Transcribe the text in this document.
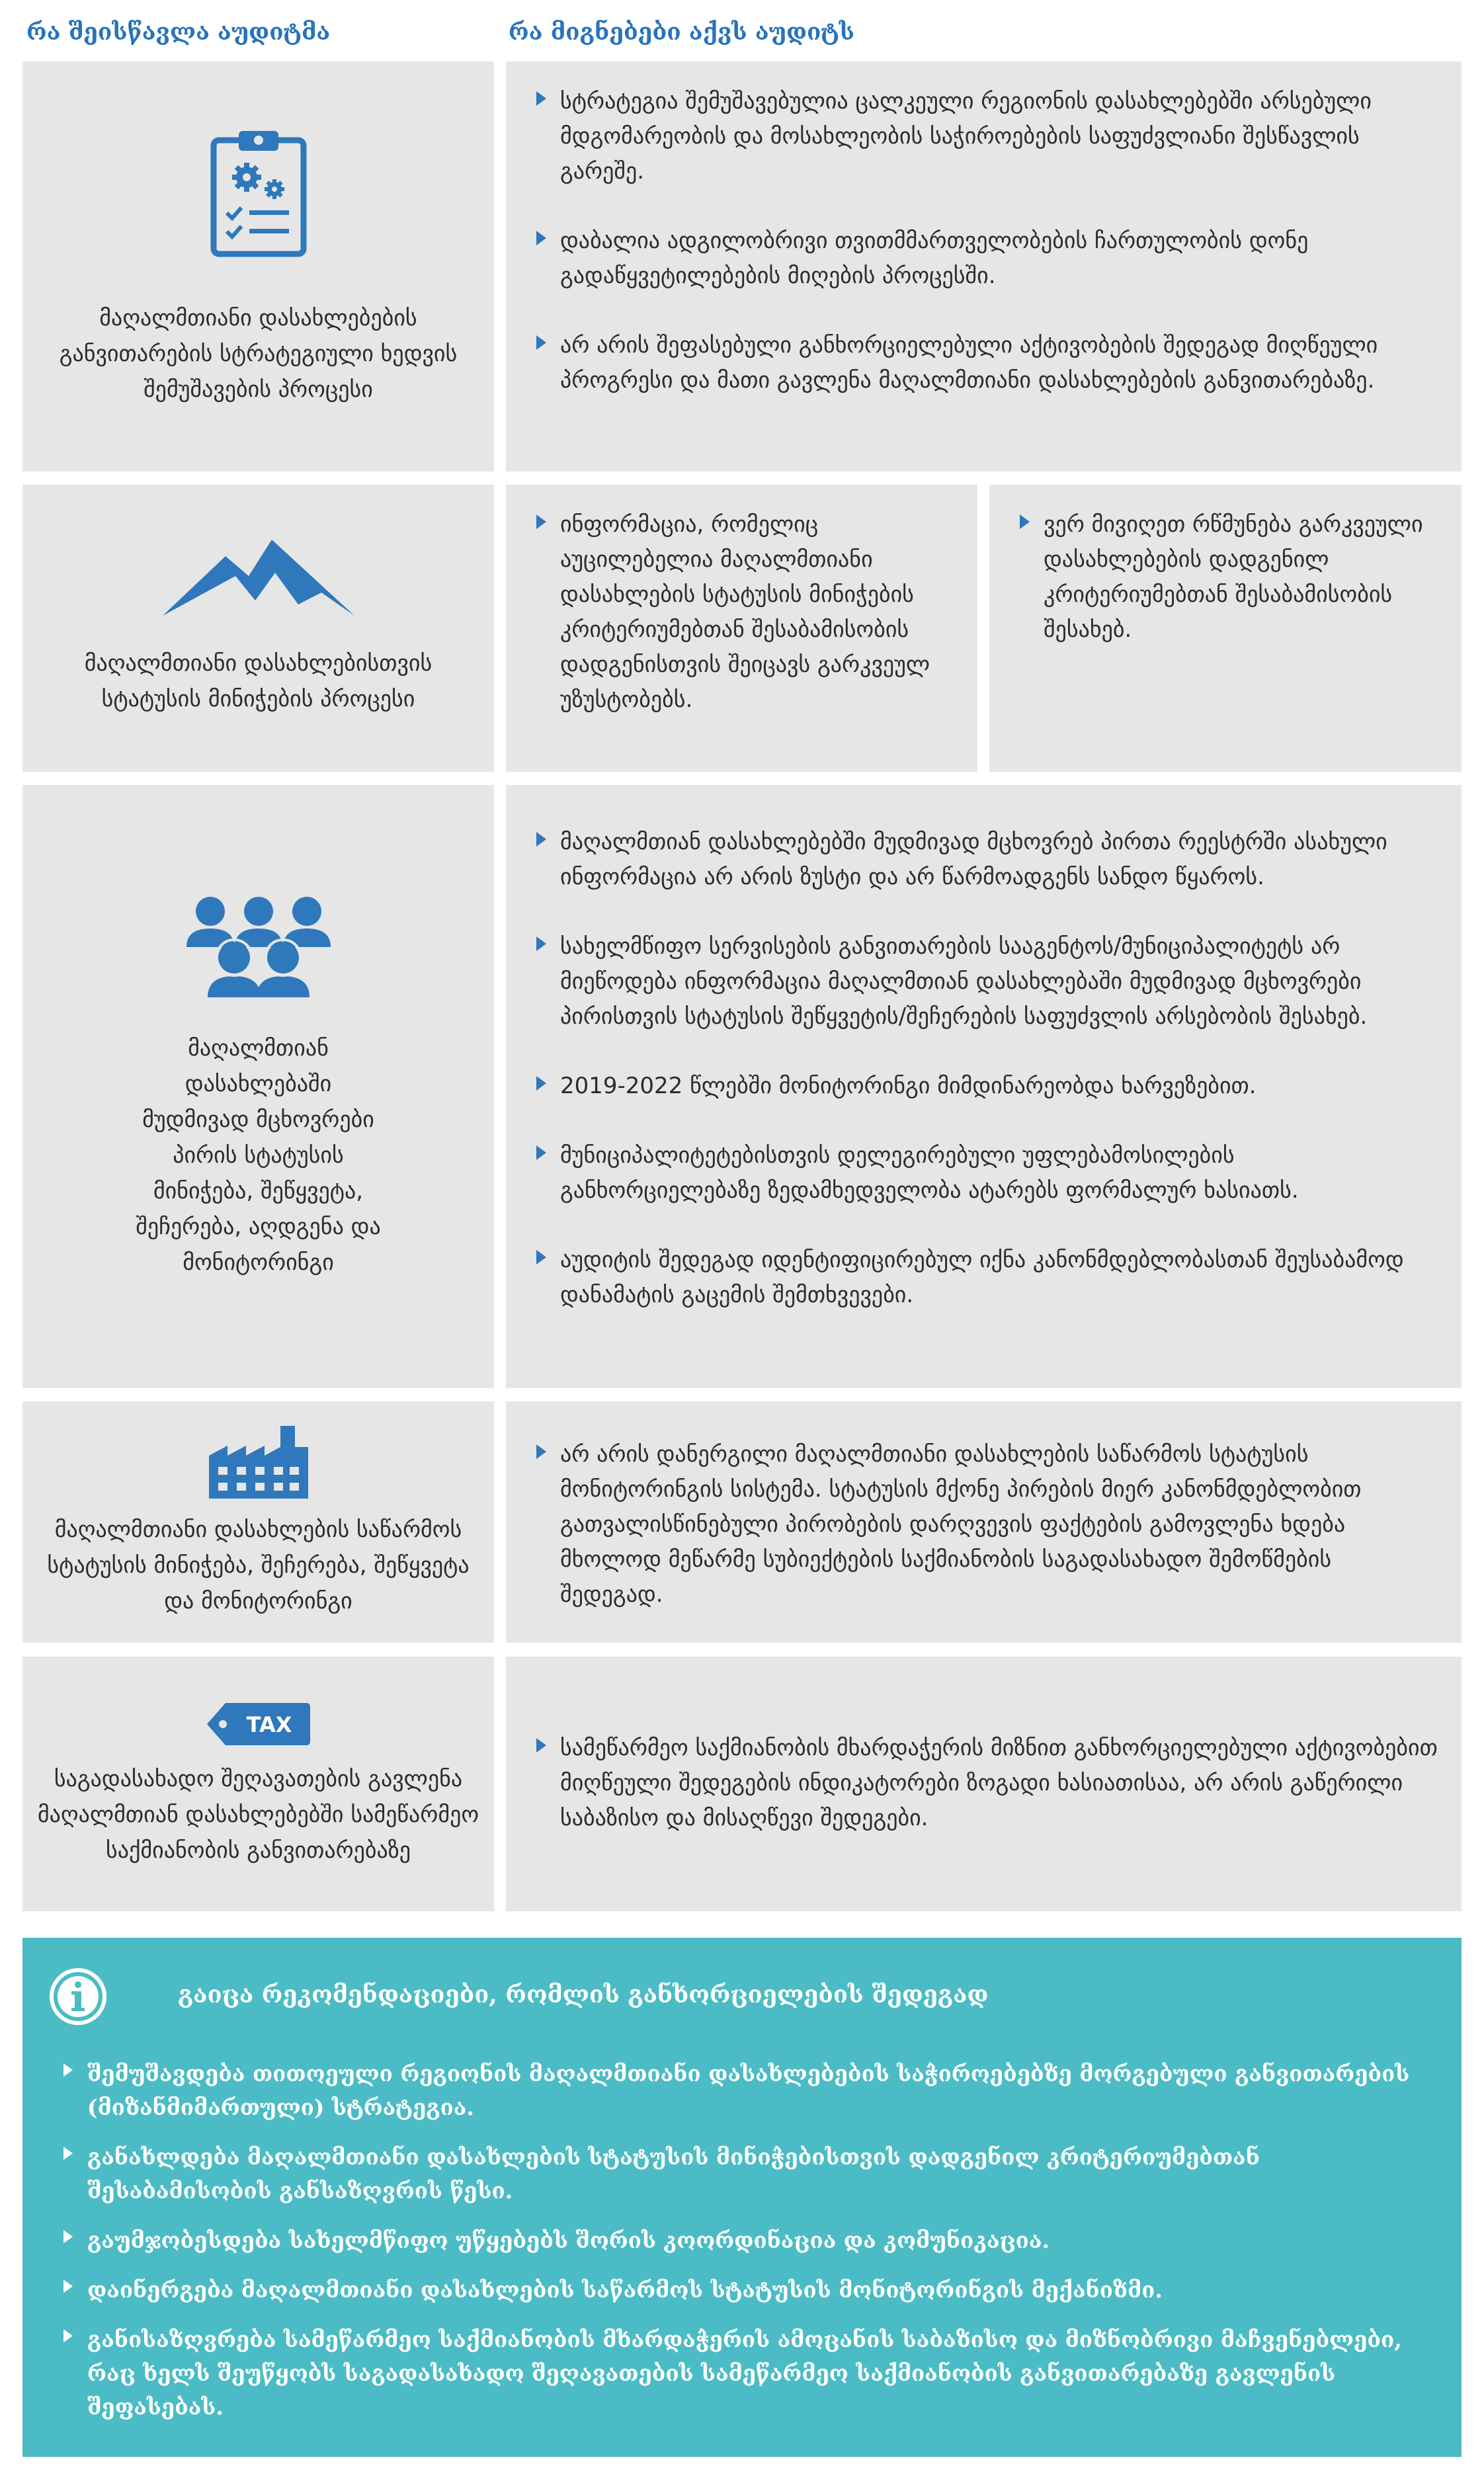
რა შეისწავლა აუდიტმა	რა მიგნებები აქვს აუდიტს
მაღალმთიანი დასახლებების განვითარების სტრატეგიული ხედვის შემუშავების პროცესი
სტრატეგია შემუშავებულია ცალკეული რეგიონის დასახლებებში არსებული მდგომარეობის და მოსახლეობის საჭიროებების საფუძვლიანი შესწავლის გარეშე.
დაბალია ადგილობრივი თვითმმართველობების ჩართულობის დონე გადაწყვეტილებების მიღების პროცესში.
არ არის შეფასებული განხორციელებული აქტივობების შედეგად მიღწეული პროგრესი და მათი გავლენა მაღალმთიანი დასახლებების განვითარებაზე.
მაღალმთიანი დასახლებისთვის სტატუსის მინიჭების პროცესი
ინფორმაცია, რომელიც აუცილებელია მაღალმთიანი დასახლების სტატუსის მინიჭების კრიტერიუმებთან შესაბამისობის დადგენისთვის შეიცავს გარკვეულ უზუსტობებს.
ვერ მივიღეთ რწმუნება გარკვეული დასახლებების დადგენილ კრიტერიუმებთან შესაბამისობის შესახებ.
მაღალმთიან დასახლებაში მუდმივად მცხოვრები პირის სტატუსის მინიჭება, შეწყვეტა, შეჩერება, აღდგენა და მონიტორინგი
მაღალმთიან დასახლებებში მუდმივად მცხოვრებ პირთა რეესტრში ასახული ინფორმაცია არ არის ზუსტი და არ წარმოადგენს სანდო წყაროს.
სახელმწიფო სერვისების განვითარების სააგენტოს/მუნიციპალიტეტს არ მიეწოდება ინფორმაცია მაღალმთიან დასახლებაში მუდმივად მცხოვრები პირისთვის სტატუსის შეწყვეტის/შეჩერების საფუძვლის არსებობის შესახებ.
2019-2022 წლებში მონიტორინგი მიმდინარეობდა ხარვეზებით.
მუნიციპალიტეტებისთვის დელეგირებული უფლებამოსილების განხორციელებაზე ზედამხედველობა ატარებს ფორმალურ ხასიათს.
აუდიტის შედეგად იდენტიფიცირებულ იქნა კანონმდებლობასთან შეუსაბამოდ დანამატის გაცემის შემთხვევები.
მაღალმთიანი დასახლების საწარმოს სტატუსის მინიჭება, შეჩერება, შეწყვეტა და მონიტორინგი
არ არის დანერგილი მაღალმთიანი დასახლების საწარმოს სტატუსის მონიტორინგის სისტემა. სტატუსის მქონე პირების მიერ კანონმდებლობით გათვალისწინებული პირობების დარღვევის ფაქტების გამოვლენა ხდება მხოლოდ მეწარმე სუბიექტების საქმიანობის საგადასახადო შემოწმების შედეგად.
TAX
საგადასახადო შეღავათების გავლენა მაღალმთიან დასახლებებში სამეწარმეო საქმიანობის განვითარებაზე
სამეწარმეო საქმიანობის მხარდაჭერის მიზნით განხორციელებული აქტივობებით მიღწეული შედეგების ინდიკატორები ზოგადი ხასიათისაა, არ არის გაწერილი საბაზისო და მისაღწევი შედეგები.
გაიცა რეკომენდაციები, რომლის განხორციელების შედეგად
შემუშავდება თითოეული რეგიონის მაღალმთიანი დასახლებების საჭიროებებზე მორგებული განვითარების (მიზანმიმართული) სტრატეგია.
განახლდება მაღალმთიანი დასახლების სტატუსის მინიჭებისთვის დადგენილ კრიტერიუმებთან შესაბამისობის განსაზღვრის წესი.
გაუმჯობესდება სახელმწიფო უწყებებს შორის კოორდინაცია და კომუნიკაცია.
დაინერგება მაღალმთიანი დასახლების საწარმოს სტატუსის მონიტორინგის მექანიზმი.
განისაზღვრება სამეწარმეო საქმიანობის მხარდაჭერის ამოცანის საბაზისო და მიზნობრივი მაჩვენებლები, რაც ხელს შეუწყობს საგადასახადო შეღავათების სამეწარმეო საქმიანობის განვითარებაზე გავლენის შეფასებას.
